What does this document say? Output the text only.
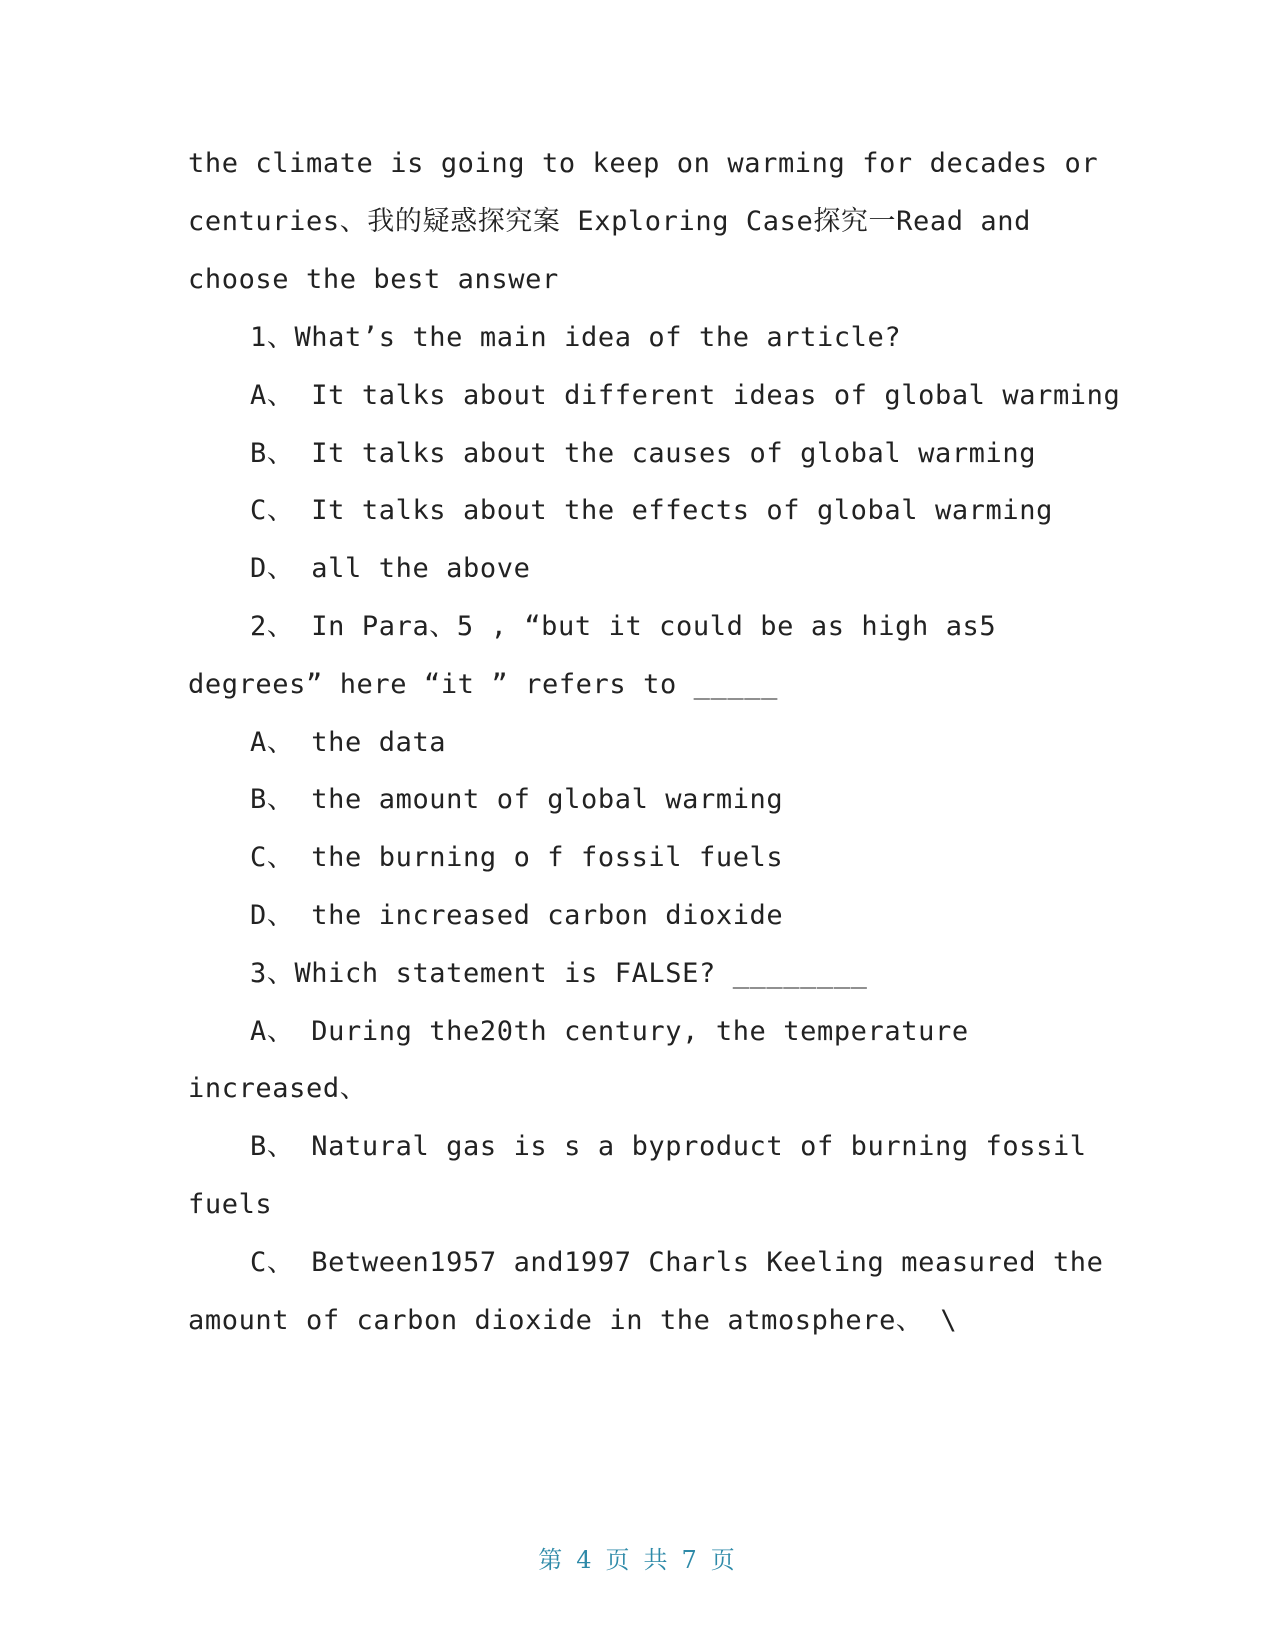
the climate is going to keep on warming for decades or
centuries、我的疑惑探究案 Exploring Case探究一Read and
choose the best answer
1、What’s the main idea of the article?
A、 It talks about different ideas of global warming
B、 It talks about the causes of global warming
C、 It talks about the effects of global warming
D、 all the above
2、 In Para、5 , “but it could be as high as5
degrees” here “it ” refers to _____
A、 the data
B、 the amount of global warming
C、 the burning o f fossil fuels
D、 the increased carbon dioxide
3、Which statement is FALSE? ________
A、 During the20th century, the temperature
increased、
B、 Natural gas is s a byproduct of burning fossil
fuels
C、 Between1957 and1997 Charls Keeling measured the
amount of carbon dioxide in the atmosphere、 \
第 4 页 共 7 页
